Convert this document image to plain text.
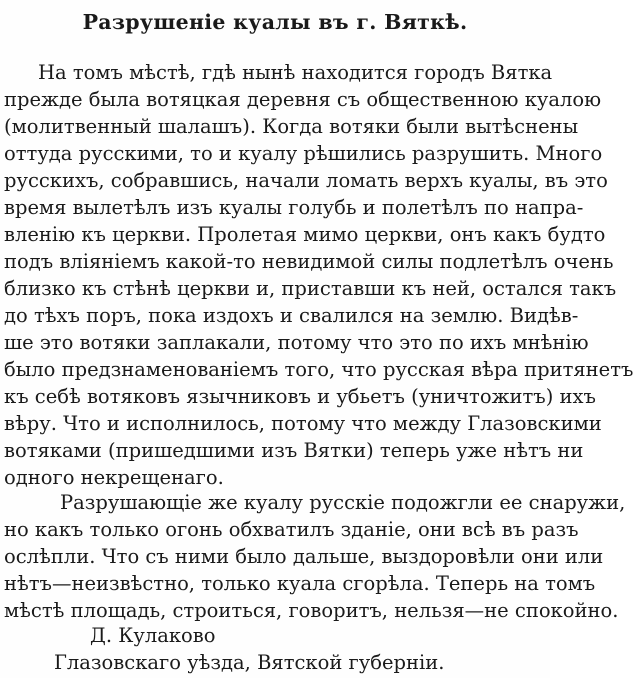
Разрушеніе куалы въ г. Вяткѣ.
На томъ мѣстѣ, гдѣ нынѣ находится городъ Вятка
прежде была вотяцкая деревня съ общественною куалою
(молитвенный шалашъ). Когда вотяки были вытѣснены
оттуда русскими, то и куалу рѣшились разрушить. Много
русскихъ, собравшись, начали ломать верхъ куалы, въ это
время вылетѣлъ изъ куалы голубь и полетѣлъ по напра-
вленію къ церкви. Пролетая мимо церкви, онъ какъ будто
подъ вліяніемъ какой-то невидимой силы подлетѣлъ очень
близко къ стѣнѣ церкви и, приставши къ ней, остался такъ
до тѣхъ поръ, пока издохъ и свалился на землю. Видѣв-
ше это вотяки заплакали, потому что это по ихъ мнѣнію
было предзнаменованіемъ того, что русская вѣра притянетъ
къ себѣ вотяковъ язычниковъ и убьетъ (уничтожитъ) ихъ
вѣру. Что и исполнилось, потому что между Глазовскими
вотяками (пришедшими изъ Вятки) теперь уже нѣтъ ни
одного некрещенаго.
Разрушающіе же куалу русскіе подожгли ее снаружи,
но какъ только огонь обхватилъ зданіе, они всѣ въ разъ
ослѣпли. Что съ ними было дальше, выздоровѣли они или
нѣтъ—неизвѣстно, только куала сгорѣла. Теперь на томъ
мѣстѣ площадь, строиться, говоритъ, нельзя—не спокойно.
Д. Кулаково
Глазовскаго уѣзда, Вятской губерніи.
